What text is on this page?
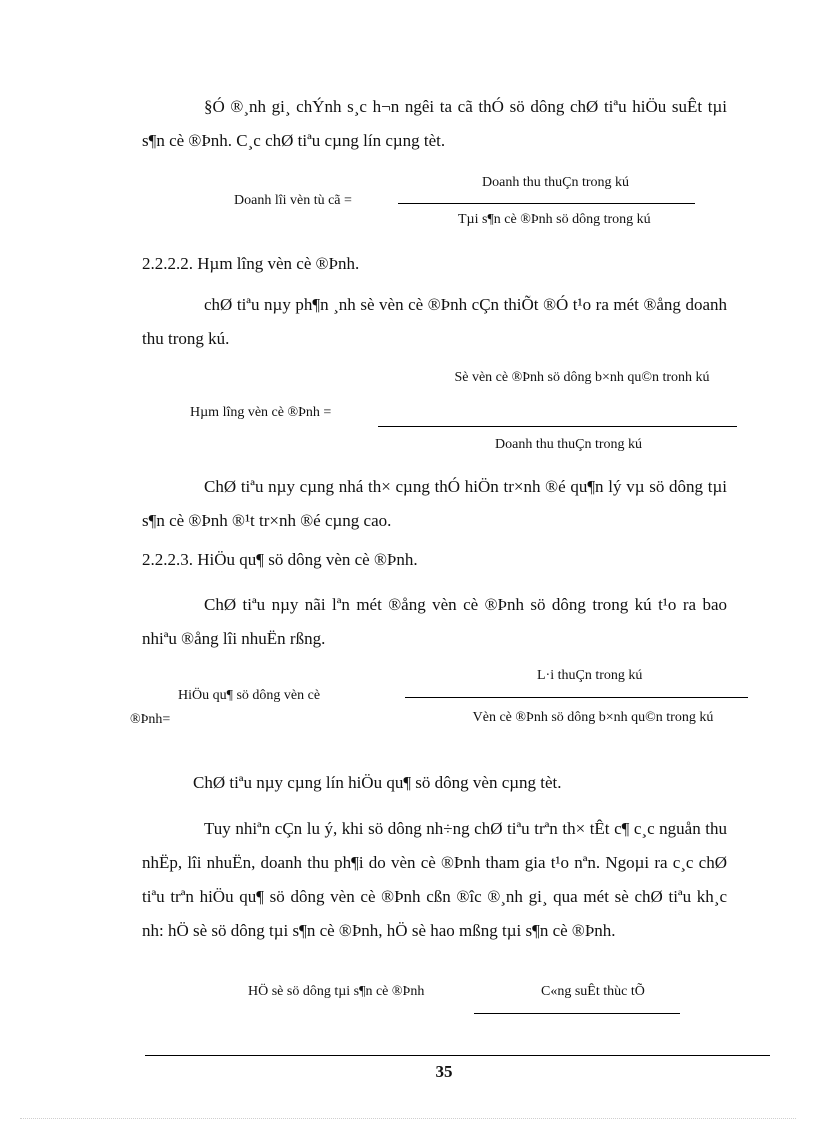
§Ó ®¸nh gi¸ chÝnh s¸c h¬n ngêi ta cã thÓ sö dông chØ tiªu hiÖu suÊt tµi s¶n cè ®Þnh. C¸c chØ tiªu cµng lín cµng tèt.
Doanh lîi vèn tù cã =
Doanh thu thuÇn trong kú
Tµi s¶n cè ®Þnh sö dông trong kú
2.2.2.2. Hµm lîng vèn cè ®Þnh.
chØ tiªu nµy ph¶n ¸nh sè vèn cè ®Þnh cÇn thiÕt ®Ó t¹o ra mét ®ång doanh thu trong kú.
Hµm lîng vèn cè ®Þnh =
Sè vèn cè ®Þnh sö dông b×nh qu©n tronh kú
Doanh thu thuÇn trong kú
ChØ tiªu nµy cµng nhá th× cµng thÓ hiÖn tr×nh ®é qu¶n lý vµ sö dông tµi s¶n cè ®Þnh ®¹t tr×nh ®é cµng cao.
2.2.2.3. HiÖu qu¶ sö dông vèn cè ®Þnh.
ChØ tiªu nµy nãi lªn mét ®ång vèn cè ®Þnh sö dông trong kú t¹o ra bao nhiªu ®ång lîi nhuËn rßng.
HiÖu qu¶ sö dông vèn cè
®Þnh=
L·i thuÇn trong kú
Vèn cè ®Þnh sö dông b×nh qu©n trong kú
ChØ tiªu nµy cµng lín hiÖu qu¶ sö dông vèn cµng tèt.
Tuy nhiªn cÇn lu ý, khi sö dông nh÷ng chØ tiªu trªn th× tÊt c¶ c¸c nguån thu nhËp, lîi nhuËn, doanh thu ph¶i do vèn cè ®Þnh tham gia t¹o nªn. Ngoµi ra c¸c chØ tiªu trªn hiÖu qu¶ sö dông vèn cè ®Þnh cßn ®îc ®¸nh gi¸ qua mét sè chØ tiªu kh¸c nh: hÖ sè sö dông tµi s¶n cè ®Þnh, hÖ sè hao mßng tµi s¶n cè ®Þnh.
HÖ sè sö dông tµi s¶n cè ®Þnh	C«ng suÊt thùc tÕ
35
